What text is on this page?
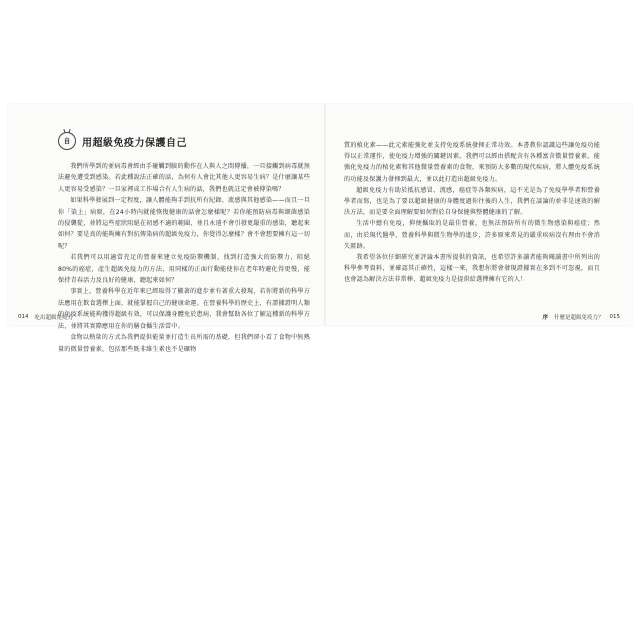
自	用超級免疫力保護自己

我們所學到的並病毒會經由手碰觸到臉的動作在人與人之間傳播，一旦接觸到病毒就無法避免遭受到感染。若此種說法正確的話，為何有人會比其他人更容易生病？是什麼讓某些人更容易受感染？一旦家裡或工作場合有人生病的話，我們也就註定會被傳染嗎？

如果科學發展到一定程度，讓人體能夠手到抗所有紀錄、流感與其他感染——而且一旦你「染上」病原，在24小時內就能恢復健康的話會怎麼樣呢？若你能預防病毒與細菌感染的侵襲從，並將這些症狀阻絕在初感不適的範圍，並且永遠不會引發更嚴重的感染，聽起來如何？要是真的能夠擁有對抗傳染病的超級免疫力，你覺得怎麼樣？會不會想要擁有這一切呢？

若我們可以用適當充足的營養來建立免疫防禦機制，找到打造強大的防禦力，阻絕80%的癌症，產生超級免疫力的方法，用同樣的正面行動能使你在老年時避化得更慢，能保持青春活力及良好的健康，聽起來如何？

事實上，營養科學在近年來已經取得了顯著的進步並有著重大發現，若你將新的科學方法應用在飲食選擇上面，就能掌握自己的健康命運。在營養科學的歷史上，有證據證明人類的免疫系統能夠獲得超級有效，可以保護身體免於患病，我會幫助各位了解這種新的科學方法，並將其實際應用在你的膳食攝生活當中。

食物以熱量的方式為我們提供能量並打造生長所需的基礎，但我們卻小看了食物中無熱量的微量營養素，包括那些既非維生素也不是礦物

質的植化素——此元素能強化並支持免疫系統發揮正常功效。本書教你認識這些讓免疫功能得以正常運作，使免疫力增強的關鍵因素。我們可以經由搭配含有各種富含微量營養素、能強化免疫力的植化素和其他微量營養素的食物，來預防大多數的現代疾病，將人體免疫系統的功能及保護力發揮到最大，並以此打造出超級免疫力。

超級免疫力有助於抵抗感冒、流感，癌症等各類疾病，這不光是為了免疫學學者和營養學者而寫，也是為了要以超級健康的身體度過你往後的人生，我們在談論的並非是速效的解決方法，而是要全面理解要如何對於自身保健與整體健康的了解。

生活中總有免疫，抑便攝取的是最佳營養，也無法預防所有的微生物感染與癌症；然而，由於現代醫學，營養科學與微生物學的進步，許多原來常見的嚴重疾病沒有理由不會消失匿跡。

我希望各位仔細研究並評論本書所提供的資訊，也希望許多讀者能夠閱讀書中所列出的科學參考資料，並確認其正確性，這樣一來，我想你將會發現證據實在多到不可忽視，而且也會認為解決方法非常棒，超級免疫力是提供給選擇擁有它的人！

014 吃出超級免疫力	序 什麼是超級免疫力？ 015
